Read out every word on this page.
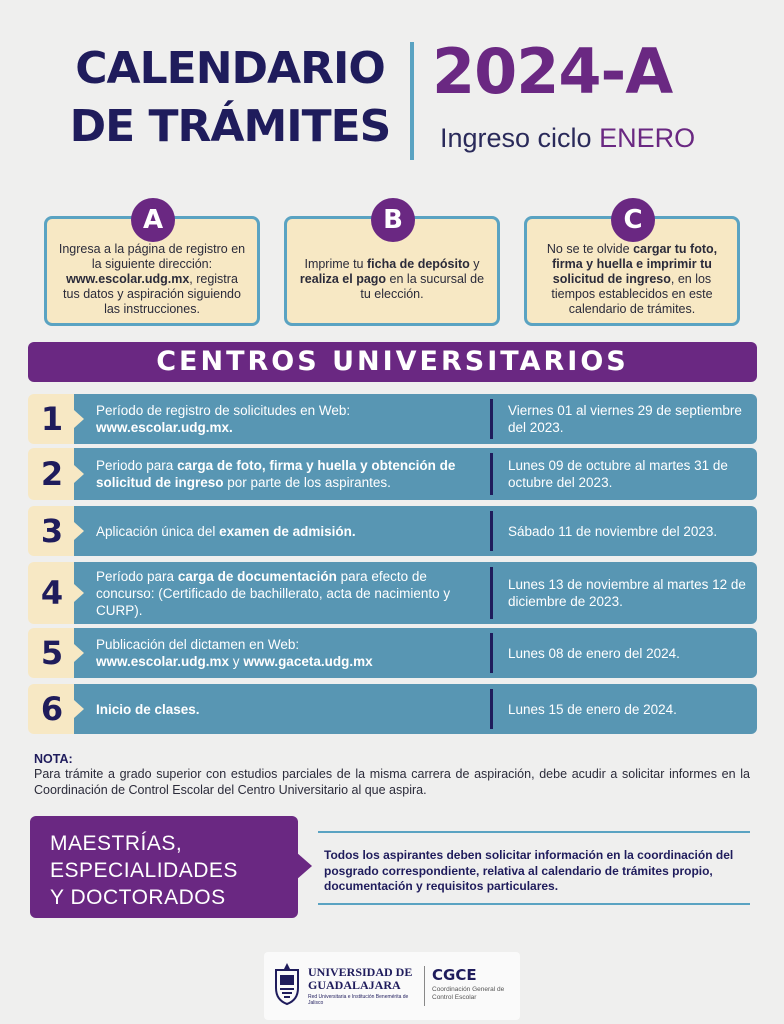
CALENDARIO
DE TRÁMITES
2024-A
Ingreso ciclo ENERO
Ingresa a la página de registro en la siguiente dirección: www.escolar.udg.mx, registra tus datos y aspiración siguiendo las instrucciones.
A
Imprime tu ficha de depósito y realiza el pago en la sucursal de tu elección.
B
No se te olvide cargar tu foto, firma y huella e imprimir tu solicitud de ingreso, en los tiempos establecidos en este calendario de trámites.
C
CENTROS UNIVERSITARIOS
1	Período de registro de solicitudes en Web:
www.escolar.udg.mx.
Viernes 01 al viernes 29 de septiembre del 2023.
2	Periodo para carga de foto, firma y huella y obtención de solicitud de ingreso por parte de los aspirantes.
Lunes 09 de octubre al martes 31 de octubre del 2023.
3	Aplicación única del examen de admisión.	Sábado 11 de noviembre del 2023.
4	Período para carga de documentación para efecto de concurso: (Certificado de bachillerato, acta de nacimiento y CURP).
Lunes 13 de noviembre al martes 12 de diciembre de 2023.
5	Publicación del dictamen en Web:
www.escolar.udg.mx y www.gaceta.udg.mx
Lunes 08 de enero del 2024.
6	Inicio de clases.	Lunes 15 de enero de 2024.
NOTA:
Para trámite a grado superior con estudios parciales de la misma carrera de aspiración, debe acudir a solicitar informes en la Coordinación de Control Escolar del Centro Universitario al que aspira.
MAESTRÍAS,
ESPECIALIDADES
Y DOCTORADOS
Todos los aspirantes deben solicitar información en la coordinación del posgrado correspondiente, relativa al calendario de trámites propio, documentación y requisitos particulares.
UNIVERSIDAD DE
GUADALAJARA
Red Universitaria e Institución Benemérita de Jalisco
CGCE
Coordinación General de Control Escolar
